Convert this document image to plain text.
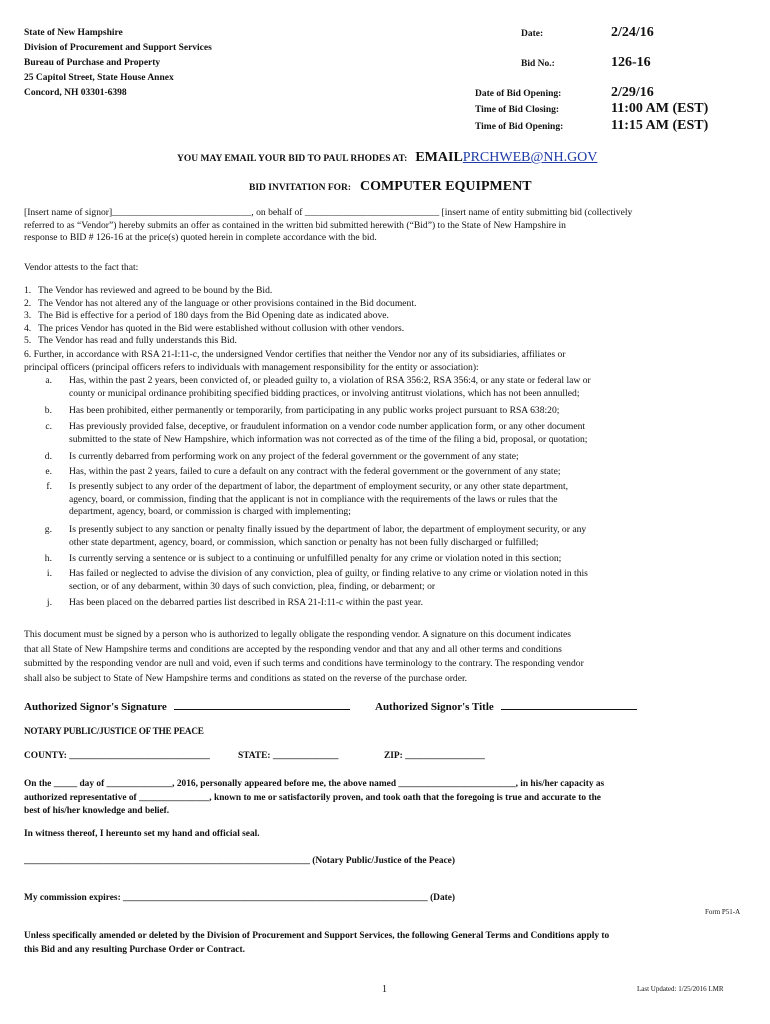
State of New Hampshire
Division of Procurement and Support Services
Bureau of Purchase and Property
25 Capitol Street, State House Annex
Concord, NH 03301-6398
Date:	2/24/16
Bid No.:	126-16
Date of Bid Opening:	2/29/16
Time of Bid Closing:	11:00 AM (EST)
Time of Bid Opening:	11:15 AM (EST)
YOU MAY EMAIL YOUR BID TO PAUL RHODES AT: EMAILPRCHWEB@NH.GOV
BID INVITATION FOR: COMPUTER EQUIPMENT
[Insert name of signor]_____________________________, on behalf of ____________________________ [insert name of entity submitting bid (collectively
referred to as “Vendor”) hereby submits an offer as contained in the written bid submitted herewith (“Bid”) to the State of New Hampshire in
response to BID # 126-16 at the price(s) quoted herein in complete accordance with the bid.
Vendor attests to the fact that:
1. The Vendor has reviewed and agreed to be bound by the Bid.
2. The Vendor has not altered any of the language or other provisions contained in the Bid document.
3. The Bid is effective for a period of 180 days from the Bid Opening date as indicated above.
4. The prices Vendor has quoted in the Bid were established without collusion with other vendors.
5. The Vendor has read and fully understands this Bid.
6. Further, in accordance with RSA 21-I:11-c, the undersigned Vendor certifies that neither the Vendor nor any of its subsidiaries, affiliates or
principal officers (principal officers refers to individuals with management responsibility for the entity or association):
a. Has, within the past 2 years, been convicted of, or pleaded guilty to, a violation of RSA 356:2, RSA 356:4, or any state or federal law or
county or municipal ordinance prohibiting specified bidding practices, or involving antitrust violations, which has not been annulled;
b. Has been prohibited, either permanently or temporarily, from participating in any public works project pursuant to RSA 638:20;
c. Has previously provided false, deceptive, or fraudulent information on a vendor code number application form, or any other document
submitted to the state of New Hampshire, which information was not corrected as of the time of the filing a bid, proposal, or quotation;
d. Is currently debarred from performing work on any project of the federal government or the government of any state;
e. Has, within the past 2 years, failed to cure a default on any contract with the federal government or the government of any state;
f. Is presently subject to any order of the department of labor, the department of employment security, or any other state department,
agency, board, or commission, finding that the applicant is not in compliance with the requirements of the laws or rules that the
department, agency, board, or commission is charged with implementing;
g. Is presently subject to any sanction or penalty finally issued by the department of labor, the department of employment security, or any
other state department, agency, board, or commission, which sanction or penalty has not been fully discharged or fulfilled;
h. Is currently serving a sentence or is subject to a continuing or unfulfilled penalty for any crime or violation noted in this section;
i. Has failed or neglected to advise the division of any conviction, plea of guilty, or finding relative to any crime or violation noted in this
section, or of any debarment, within 30 days of such conviction, plea, finding, or debarment; or
j. Has been placed on the debarred parties list described in RSA 21-I:11-c within the past year.
This document must be signed by a person who is authorized to legally obligate the responding vendor. A signature on this document indicates
that all State of New Hampshire terms and conditions are accepted by the responding vendor and that any and all other terms and conditions
submitted by the responding vendor are null and void, even if such terms and conditions have terminology to the contrary. The responding vendor
shall also be subject to State of New Hampshire terms and conditions as stated on the reverse of the purchase order.
Authorized Signor's Signature	Authorized Signor's Title
NOTARY PUBLIC/JUSTICE OF THE PEACE
COUNTY: ______________________________	STATE: ______________	ZIP: _________________
On the _____ day of ______________, 2016, personally appeared before me, the above named _________________________, in his/her capacity as
authorized representative of _______________, known to me or satisfactorily proven, and took oath that the foregoing is true and accurate to the
best of his/her knowledge and belief.
In witness thereof, I hereunto set my hand and official seal.
_____________________________________________________________ (Notary Public/Justice of the Peace)
My commission expires: _________________________________________________________________ (Date)
Form P51-A
Unless specifically amended or deleted by the Division of Procurement and Support Services, the following General Terms and Conditions apply to
this Bid and any resulting Purchase Order or Contract.
1	Last Updated: 1/25/2016 LMR
